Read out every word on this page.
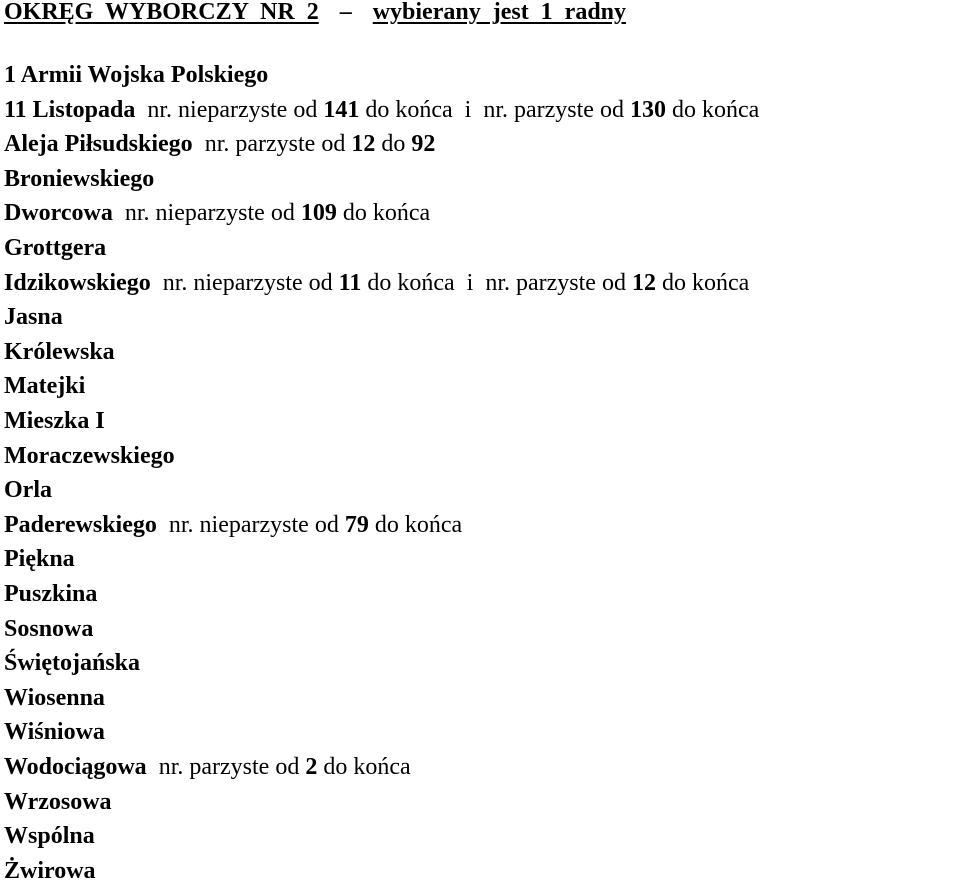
OKRĘG  WYBORCZY  NR  2 – wybierany  jest  1  radny
1 Armii Wojska Polskiego
11 Listopada  nr. nieparzyste od 141 do końca  i  nr. parzyste od 130 do końca
Aleja Piłsudskiego  nr. parzyste od 12 do 92
Broniewskiego
Dworcowa  nr. nieparzyste od 109 do końca
Grottgera
Idzikowskiego  nr. nieparzyste od 11 do końca  i  nr. parzyste od 12 do końca
Jasna
Królewska
Matejki
Mieszka I
Moraczewskiego
Orla
Paderewskiego  nr. nieparzyste od 79 do końca
Piękna
Puszkina
Sosnowa
Świętojańska
Wiosenna
Wiśniowa
Wodociągowa  nr. parzyste od 2 do końca
Wrzosowa
Wspólna
Żwirowa
